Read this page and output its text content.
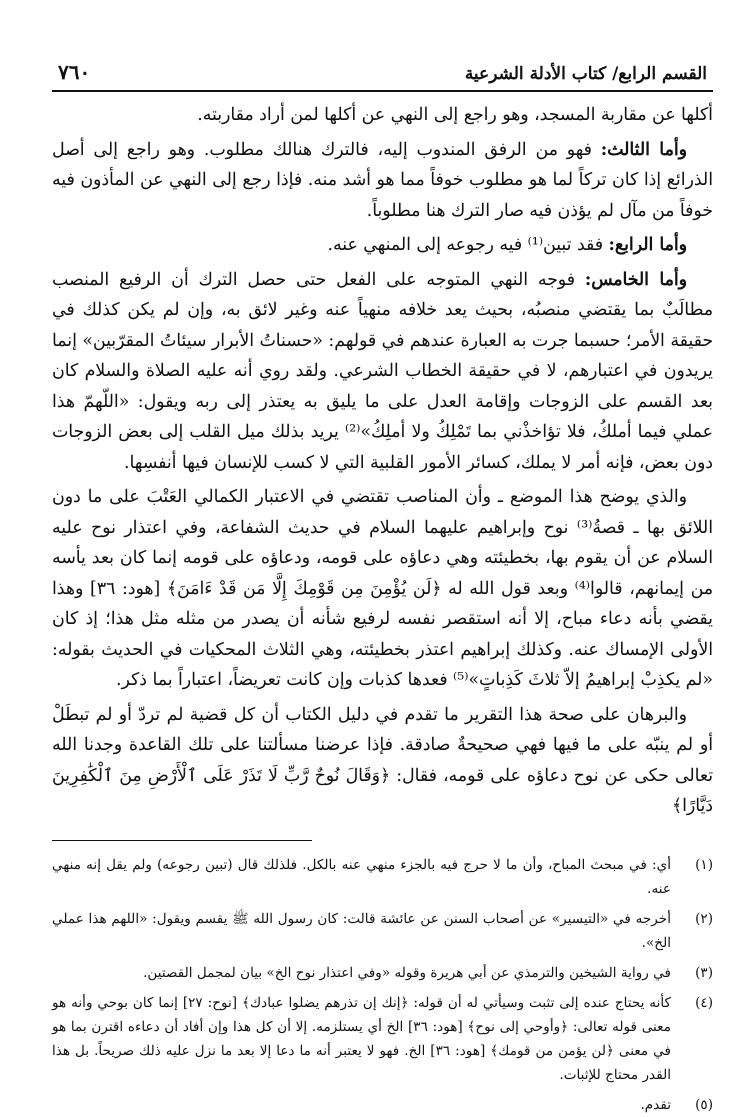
القسم الرابع/ كتاب الأدلة الشرعية
٧٦٠

أكلها عن مقاربة المسجد، وهو راجع إلى النهي عن أكلها لمن أراد مقاربته.

وأما الثالث: فهو من الرفق المندوب إليه، فالترك هنالك مطلوب. وهو راجع إلى أصل الذرائع إذا كان تركاً لما هو مطلوب خوفاً مما هو أشد منه. فإذا رجع إلى النهي عن المأذون فيه خوفاً من مآل لم يؤذن فيه صار الترك هنا مطلوباً.

وأما الرابع: فقد تبين⁽¹⁾ فيه رجوعه إلى المنهي عنه.

وأما الخامس: فوجه النهي المتوجه على الفعل حتى حصل الترك أن الرفيع المنصب مطالَبٌ بما يقتضي منصبُه، بحيث يعد خلافه منهياً عنه وغير لائق به، وإن لم يكن كذلك في حقيقة الأمر؛ حسبما جرت به العبارة عندهم في قولهم: «حسناتُ الأبرار سيئاتُ المقرّبين» إنما يريدون في اعتبارهم، لا في حقيقة الخطاب الشرعي. ولقد روي أنه عليه الصلاة والسلام كان بعد القسم على الزوجات وإقامة العدل على ما يليق به يعتذر إلى ربه ويقول: «اللّهمّ هذا عملي فيما أملكُ، فلا تؤاخذْني بما تَمْلِكُ ولا أملِكُ»⁽²⁾ يريد بذلك ميل القلب إلى بعض الزوجات دون بعض، فإنه أمر لا يملك، كسائر الأمور القلبية التي لا كسب للإنسان فيها أنفسِها.

والذي يوضح هذا الموضع ـ وأن المناصب تقتضي في الاعتبار الكمالي العَتْبَ على ما دون اللائق بها ـ قصةُ⁽³⁾ نوح وإبراهيم عليهما السلام في حديث الشفاعة، وفي اعتذار نوح عليه السلام عن أن يقوم بها، بخطيئته وهي دعاؤه على قومه، ودعاؤه على قومه إنما كان بعد يأسه من إيمانهم، قالوا⁽⁴⁾ وبعد قول الله له ﴿لَن يُؤْمِنَ مِن قَوْمِكَ إِلَّا مَن قَدْ ءَامَنَ﴾ [هود: ٣٦] وهذا يقضي بأنه دعاء مباح، إلا أنه استقصر نفسه لرفيع شأنه أن يصدر من مثله مثل هذا؛ إذ كان الأولى الإمساك عنه. وكذلك إبراهيم اعتذر بخطيئته، وهي الثلاث المحكيات في الحديث بقوله: «لم يكذِبْ إبراهيمُ إلاّ ثلاثَ كَذِباتٍ»⁽⁵⁾ فعدها كذبات وإن كانت تعريضاً، اعتباراً بما ذكر.

والبرهان على صحة هذا التقرير ما تقدم في دليل الكتاب أن كل قضية لم تردّ أو لم تبطَلْ أو لم ينبّه على ما فيها فهي صحيحةٌ صادقة. فإذا عرضنا مسألتنا على تلك القاعدة وجدنا الله تعالى حكى عن نوح دعاؤه على قومه، فقال: ﴿وَقَالَ نُوحٌ رَّبِّ لَا تَذَرْ عَلَى ٱلْأَرْضِ مِنَ ٱلْكَٰفِرِينَ دَيَّارًا﴾

(١)
أي: في مبحث المباح، وأن ما لا حرج فيه بالجزء منهي عنه بالكل. فلذلك قال (تبين رجوعه) ولم يقل إنه منهي عنه.
(٢)
أخرجه في «التيسير» عن أصحاب السنن عن عائشة قالت: كان رسول الله ﷺ يقسم ويقول: «اللهم هذا عملي الخ».
(٣)
في رواية الشيخين والترمذي عن أبي هريرة وقوله «وفي اعتذار نوح الخ» بيان لمجمل القصتين.
(٤)
كأنه يحتاج عنده إلى تثبت وسيأتي له أن قوله: ﴿إنك إن تذرهم يضلوا عبادك﴾ [نوح: ٢٧] إنما كان بوحي وأنه هو معنى قوله تعالى: ﴿وأوحي إلى نوح﴾ [هود: ٣٦] الخ أي يستلزمه. إلا أن كل هذا وإن أفاد أن دعاءه اقترن بما هو في معنى ﴿لن يؤمن من قومك﴾ [هود: ٣٦] الخ. فهو لا يعتبر أنه ما دعا إلا بعد ما نزل عليه ذلك صريحاً. بل هذا القدر محتاج للإثبات.
(٥)
تقدم.
